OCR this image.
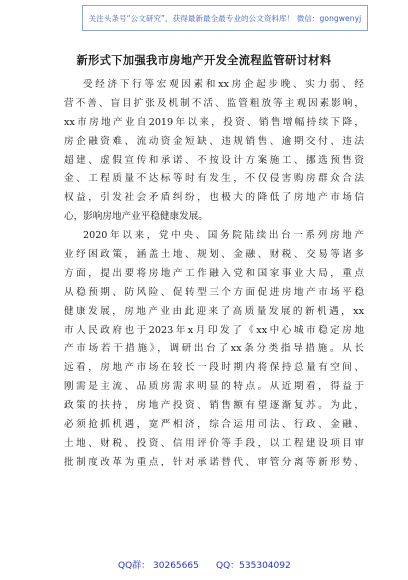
关注头条号“公文研究”，获得最新最全最专业的公文资料库！ 微信：gongwenyj
新形式下加强我市房地产开发全流程监管研讨材料
受经济下行等宏观因素和xx房企起步晚、实力弱、经
营不善、盲目扩张及机制不活、监管粗放等主观因素影响，
xx市房地产业自2019年以来，投资、销售增幅持续下降，
房企融资难、流动资金短缺、违规销售、逾期交付、违法
超建、虚假宣传和承诺、不按设计方案施工、挪选预售资
金、工程质量不达标等时有发生，不仅侵害购房群众合法
权益，引发社会矛盾纠纷，也极大的降低了房地产市场信
心，影响房地产业平稳健康发展。
2020年以来，党中央、国务院陆续出台一系列房地产
业纾困政策，涵盖土地、规划、金融、财税、交易等诸多
方面，提出要将房地产工作融入党和国家事业大局，重点
从稳预期、防风险、促转型三个方面促进房地产市场平稳
健康发展，房地产业由此迎来了高质量发展的新机遇，xx
市人民政府也于2023年x月印发了《xx中心城市稳定房地
产市场若干措施》，调研出台了xx条分类指导措施。从长
远看，房地产市场在较长一段时期内将保持总量有空间、
刚需是主流、品质房需求明显的特点。从近期看，得益于
政策的扶持，房地产投资、销售额有望逐渐复苏。为此，
必须抢抓机遇，宽严相济，综合运用司法、行政、金融、
土地、财税、投资、信用评价等手段，以工程建设项目审
批制度改革为重点，针对承诺替代、审管分离等新形势、
QQ群： 30265665 QQ：535304092
